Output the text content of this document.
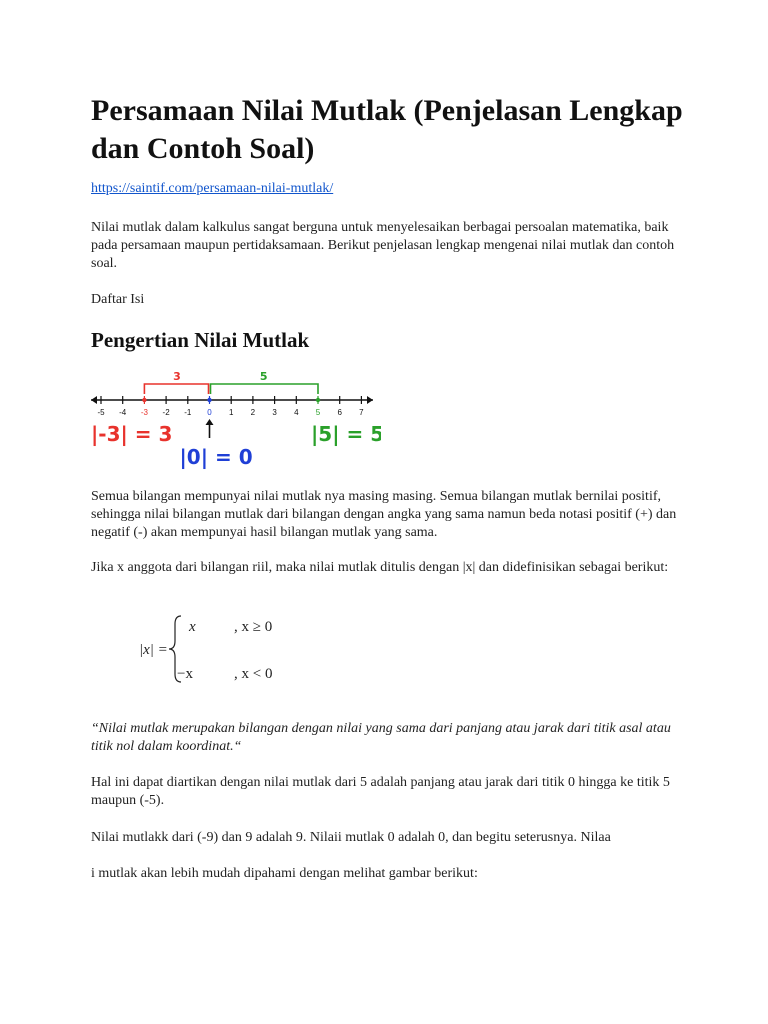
Persamaan Nilai Mutlak (Penjelasan Lengkap dan Contoh Soal)
https://saintif.com/persamaan-nilai-mutlak/

Nilai mutlak dalam kalkulus sangat berguna untuk menyelesaikan berbagai persoalan matematika, baik pada persamaan maupun pertidaksamaan. Berikut penjelasan lengkap mengenai nilai mutlak dan contoh soal.

Daftar Isi

Pengertian Nilai Mutlak
-5 -4 -3 -2 -1 0 1 2 3 4 5 6 7
3	5
|-3| = 3	|5| = 5
|0| = 0

Semua bilangan mempunyai nilai mutlak nya masing masing. Semua bilangan mutlak bernilai positif, sehingga nilai bilangan mutlak dari bilangan dengan angka yang sama namun beda notasi positif (+) dan negatif (-) akan mempunyai hasil bilangan mutlak yang sama.

Jika x anggota dari bilangan riil, maka nilai mutlak ditulis dengan |x| dan didefinisikan sebagai berikut:

|x| =
x	, x ≥ 0
−x	, x < 0

“Nilai mutlak merupakan bilangan dengan nilai yang sama dari panjang atau jarak dari titik asal atau titik nol dalam koordinat.“

Hal ini dapat diartikan dengan nilai mutlak dari 5 adalah panjang atau jarak dari titik 0 hingga ke titik 5 maupun (-5).

Nilai mutlakk dari (-9) dan 9 adalah 9. Nilaii mutlak 0 adalah 0, dan begitu seterusnya. Nilaa

i mutlak akan lebih mudah dipahami dengan melihat gambar berikut:
